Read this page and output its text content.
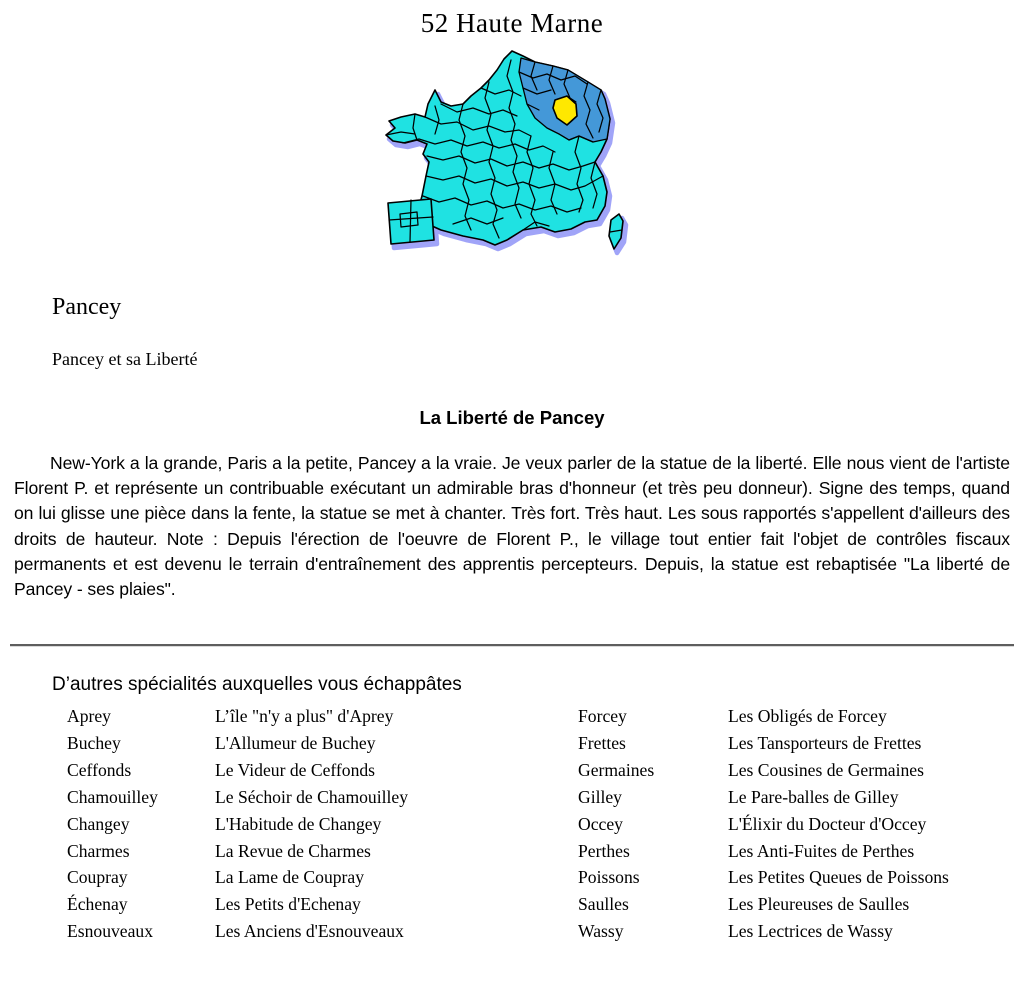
52 Haute Marne
Pancey
Pancey et sa Liberté
La Liberté de Pancey

New-York a la grande, Paris a la petite, Pancey a la vraie. Je veux parler de la statue de la liberté. Elle nous vient de l'artiste Florent P. et représente un contribuable exécutant un admirable bras d'honneur (et très peu donneur). Signe des temps, quand on lui glisse une pièce dans la fente, la statue se met à chanter. Très fort. Très haut. Les sous rapportés s'appellent d'ailleurs des droits de hauteur. Note : Depuis l'érection de l'oeuvre de Florent P., le village tout entier fait l'objet de contrôles fiscaux permanents et est devenu le terrain d'entraînement des apprentis percepteurs. Depuis, la statue est rebaptisée "La liberté de Pancey - ses plaies".

D’autres spécialités auxquelles vous échappâtes
Aprey	L’île "n'y a plus" d'Aprey	Forcey	Les Obligés de Forcey
Buchey	L'Allumeur de Buchey	Frettes	Les Tansporteurs de Frettes
Ceffonds	Le Videur de Ceffonds	Germaines	Les Cousines de Germaines
Chamouilley	Le Séchoir de Chamouilley	Gilley	Le Pare-balles de Gilley
Changey	L'Habitude de Changey	Occey	L'Élixir du Docteur d'Occey
Charmes	La Revue de Charmes	Perthes	Les Anti-Fuites de Perthes
Coupray	La Lame de Coupray	Poissons	Les Petites Queues de Poissons
Échenay	Les Petits d'Echenay	Saulles	Les Pleureuses de Saulles
Esnouveaux	Les Anciens d'Esnouveaux	Wassy	Les Lectrices de Wassy
